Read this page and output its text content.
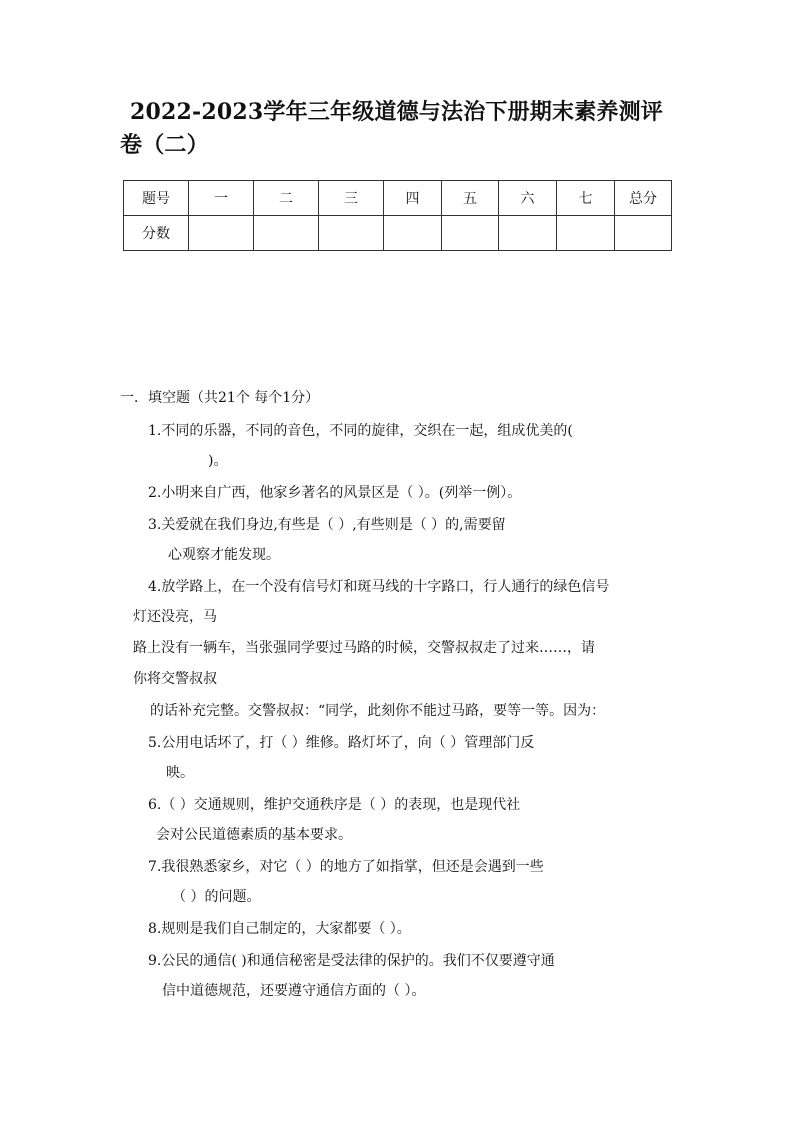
2022-2023学年三年级道德与法治下册期末素养测评
卷（二）
题号	一	二	三	四	五	六	七	总分
分数								
一．填空题（共21个 每个1分）
1.不同的乐器，不同的音色，不同的旋律，交织在一起，组成优美的(
)。
2.小明来自广西，他家乡著名的风景区是（ ）。(列举一例）。
3.关爱就在我们身边,有些是（ ）,有些则是（ ）的,需要留
心观察才能发现。
4.放学路上，在一个没有信号灯和斑马线的十字路口，行人通行的绿色信号
灯还没亮，马
路上没有一辆车，当张强同学要过马路的时候，交警叔叔走了过来……，请
你将交警叔叔
的话补充完整。交警叔叔：“同学，此刻你不能过马路，要等一等。因为：
5.公用电话坏了，打（ ）维修。路灯坏了，向（ ）管理部门反
映。
6.（ ）交通规则，维护交通秩序是（ ）的表现，也是现代社
会对公民道德素质的基本要求。
7.我很熟悉家乡，对它（ ）的地方了如指掌，但还是会遇到一些
（ ）的问题。
8.规则是我们自己制定的，大家都要（ ）。
9.公民的通信( )和通信秘密是受法律的保护的。我们不仅要遵守通
信中道德规范，还要遵守通信方面的（ ）。
